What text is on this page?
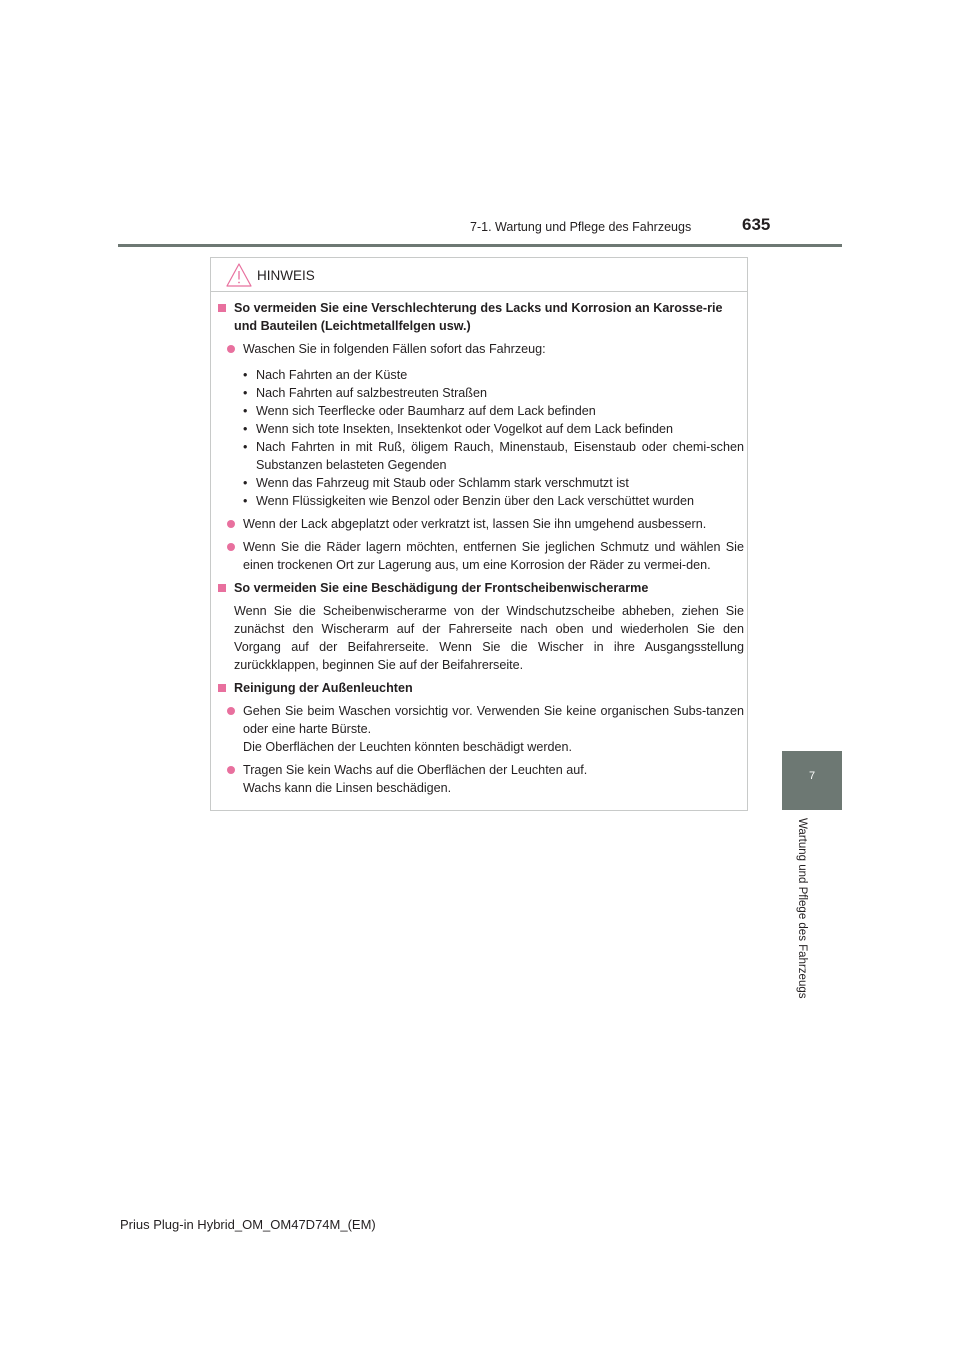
7-1. Wartung und Pflege des Fahrzeugs	635
7
Wartung und Pflege des Fahrzeugs
HINWEIS
So vermeiden Sie eine Verschlechterung des Lacks und Korrosion an Karosse-rie und Bauteilen (Leichtmetallfelgen usw.)
Waschen Sie in folgenden Fällen sofort das Fahrzeug:
• Nach Fahrten an der Küste
• Nach Fahrten auf salzbestreuten Straßen
• Wenn sich Teerflecke oder Baumharz auf dem Lack befinden
• Wenn sich tote Insekten, Insektenkot oder Vogelkot auf dem Lack befinden
• Nach Fahrten in mit Ruß, öligem Rauch, Minenstaub, Eisenstaub oder chemi-schen Substanzen belasteten Gegenden
• Wenn das Fahrzeug mit Staub oder Schlamm stark verschmutzt ist
• Wenn Flüssigkeiten wie Benzol oder Benzin über den Lack verschüttet wurden
Wenn der Lack abgeplatzt oder verkratzt ist, lassen Sie ihn umgehend ausbessern.
Wenn Sie die Räder lagern möchten, entfernen Sie jeglichen Schmutz und wählen Sie einen trockenen Ort zur Lagerung aus, um eine Korrosion der Räder zu vermei-den.
So vermeiden Sie eine Beschädigung der Frontscheibenwischerarme
Wenn Sie die Scheibenwischerarme von der Windschutzscheibe abheben, ziehen Sie zunächst den Wischerarm auf der Fahrerseite nach oben und wiederholen Sie den Vorgang auf der Beifahrerseite. Wenn Sie die Wischer in ihre Ausgangsstellung zurückklappen, beginnen Sie auf der Beifahrerseite.
Reinigung der Außenleuchten
Gehen Sie beim Waschen vorsichtig vor. Verwenden Sie keine organischen Subs-tanzen oder eine harte Bürste.
Die Oberflächen der Leuchten könnten beschädigt werden.
Tragen Sie kein Wachs auf die Oberflächen der Leuchten auf.
Wachs kann die Linsen beschädigen.
Prius Plug-in Hybrid_OM_OM47D74M_(EM)
